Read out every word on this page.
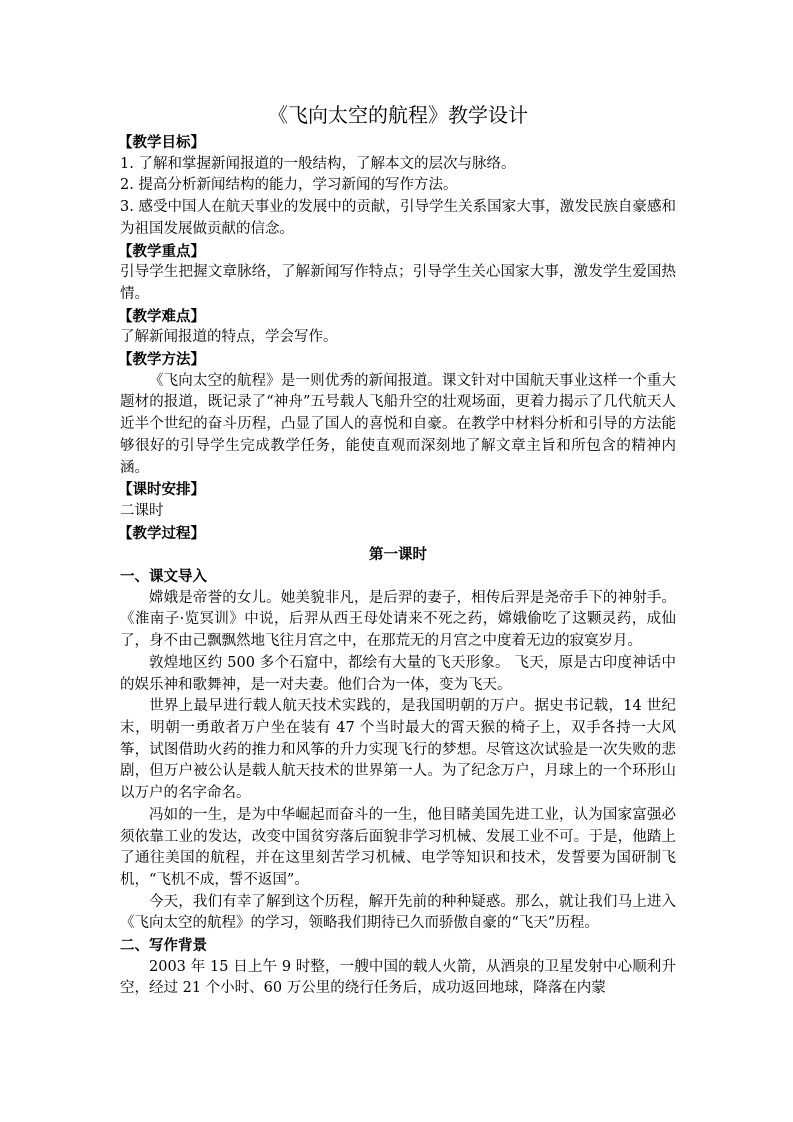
《飞向太空的航程》教学设计
【教学目标】
1. 了解和掌握新闻报道的一般结构，了解本文的层次与脉络。
2. 提高分析新闻结构的能力，学习新闻的写作方法。
3. 感受中国人在航天事业的发展中的贡献，引导学生关系国家大事，激发民族自豪感和为祖国发展做贡献的信念。
【教学重点】
引导学生把握文章脉络，了解新闻写作特点；引导学生关心国家大事，激发学生爱国热情。
【教学难点】
了解新闻报道的特点，学会写作。
【教学方法】
《飞向太空的航程》是一则优秀的新闻报道。课文针对中国航天事业这样一个重大题材的报道，既记录了“神舟”五号载人飞船升空的壮观场面，更着力揭示了几代航天人近半个世纪的奋斗历程，凸显了国人的喜悦和自豪。在教学中材料分析和引导的方法能够很好的引导学生完成教学任务，能使直观而深刻地了解文章主旨和所包含的精神内涵。
【课时安排】
二课时
【教学过程】
第一课时
一、课文导入
嫦娥是帝誉的女儿。她美貌非凡，是后羿的妻子，相传后羿是尧帝手下的神射手。《淮南子·览冥训》中说，后羿从西王母处请来不死之药，嫦娥偷吃了这颗灵药，成仙了，身不由己飘飘然地飞往月宫之中，在那荒无的月宫之中度着无边的寂寞岁月。
敦煌地区约 500 多个石窟中，都绘有大量的飞天形象。 飞天，原是古印度神话中的娱乐神和歌舞神，是一对夫妻。他们合为一体，变为飞天。
世界上最早进行载人航天技术实践的，是我国明朝的万户。据史书记载，14 世纪末，明朝一勇敢者万户坐在装有 47 个当时最大的霄天猴的椅子上，双手各持一大风筝，试图借助火药的推力和风筝的升力实现飞行的梦想。尽管这次试验是一次失败的悲剧，但万户被公认是载人航天技术的世界第一人。为了纪念万户，月球上的一个环形山以万户的名字命名。
冯如的一生，是为中华崛起而奋斗的一生，他目睹美国先进工业，认为国家富强必须依靠工业的发达，改变中国贫穷落后面貌非学习机械、发展工业不可。于是，他踏上了通往美国的航程，并在这里刻苦学习机械、电学等知识和技术，发誓要为国研制飞机，“飞机不成，誓不返国”。
今天，我们有幸了解到这个历程，解开先前的种种疑惑。那么，就让我们马上进入《飞向太空的航程》的学习，领略我们期待已久而骄傲自豪的“飞天”历程。
二、写作背景
2003 年 15 日上午 9 时整，一艘中国的载人火箭，从酒泉的卫星发射中心顺利升空，经过 21 个小时、60 万公里的绕行任务后，成功返回地球，降落在内蒙
